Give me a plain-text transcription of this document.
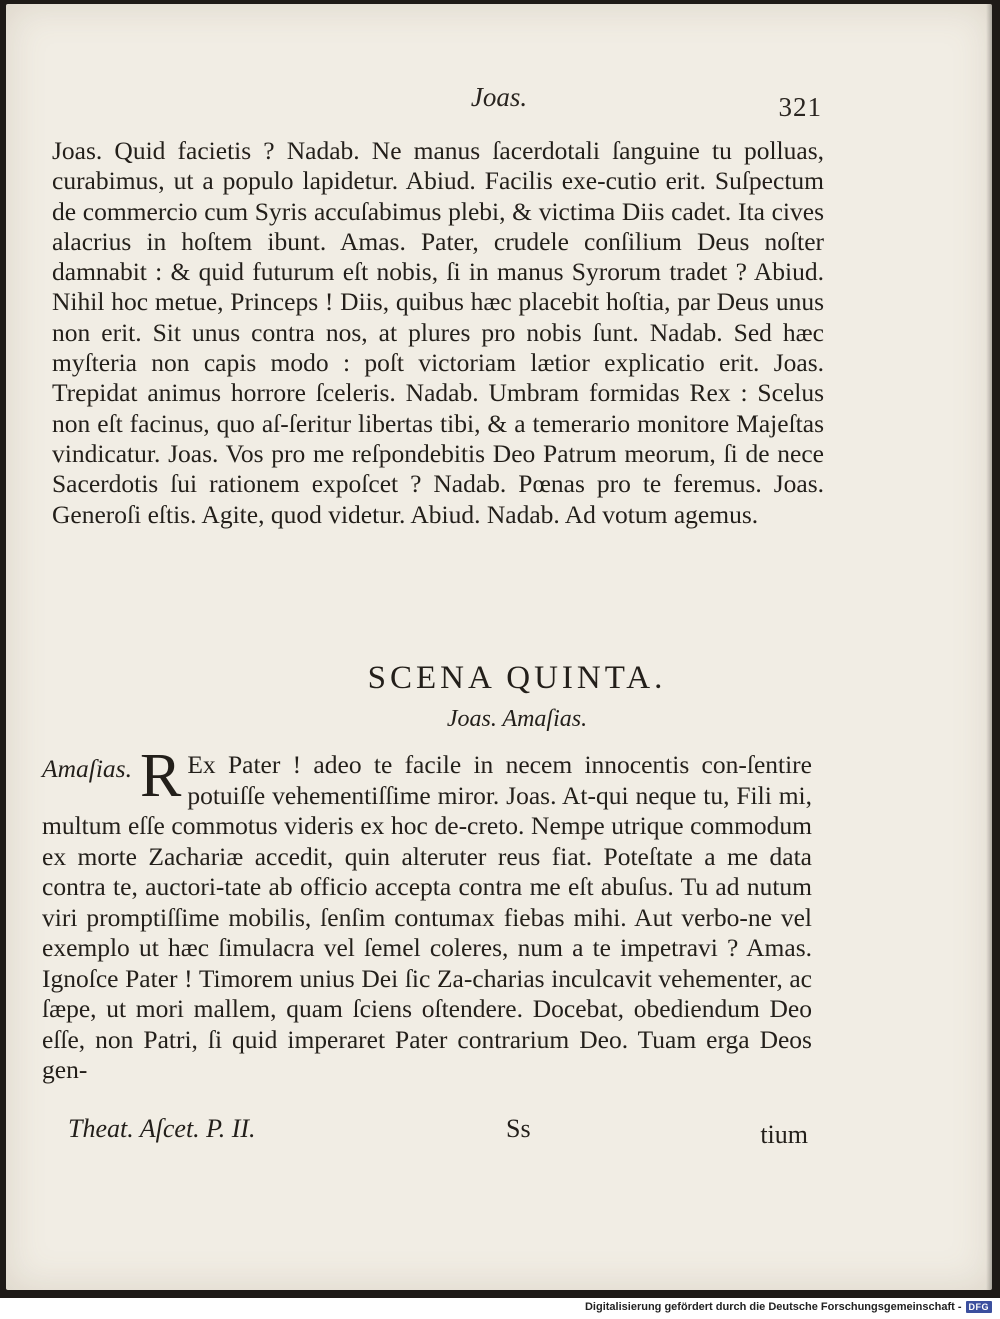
Joas.	321

Joas. Quid facietis ? Nadab. Ne manus ſacerdotali ſanguine tu polluas, curabimus, ut a populo lapidetur. Abiud. Facilis exe-cutio erit. Suſpectum de commercio cum Syris accuſabimus plebi, & victima Diis cadet. Ita cives alacrius in hoſtem ibunt. Amas. Pater, crudele conſilium Deus noſter damnabit : & quid futurum eſt nobis, ſi in manus Syrorum tradet ? Abiud. Nihil hoc metue, Princeps ! Diis, quibus hæc placebit hoſtia, par Deus unus non erit. Sit unus contra nos, at plures pro nobis ſunt. Nadab. Sed hæc myſteria non capis modo : poſt victoriam lætior explicatio erit. Joas. Trepidat animus horrore ſceleris. Nadab. Umbram formidas Rex : Scelus non eſt facinus, quo aſ-ſeritur libertas tibi, & a temerario monitore Majeſtas vindicatur. Joas. Vos pro me reſpondebitis Deo Patrum meorum, ſi de nece Sacerdotis ſui rationem expoſcet ? Nadab. Pœnas pro te feremus. Joas. Generoſi eſtis. Agite, quod videtur. Abiud. Nadab. Ad votum agemus.

SCENA QUINTA.
Joas. Amaſias.

Amaſias. R Ex Pater ! adeo te facile in necem innocentis con-ſentire potuiſſe vehementiſſime miror. Joas. At-qui neque tu, Fili mi, multum eſſe commotus videris ex hoc de-creto. Nempe utrique commodum ex morte Zachariæ accedit, quin alteruter reus fiat. Poteſtate a me data contra te, auctori-tate ab officio accepta contra me eſt abuſus. Tu ad nutum viri promptiſſime mobilis, ſenſim contumax fiebas mihi. Aut verbo-ne vel exemplo ut hæc ſimulacra vel ſemel coleres, num a te impetravi ? Amas. Ignoſce Pater ! Timorem unius Dei ſic Za-charias inculcavit vehementer, ac ſæpe, ut mori mallem, quam ſciens oſtendere. Docebat, obediendum Deo eſſe, non Patri, ſi quid imperaret Pater contrarium Deo. Tuam erga Deos gen-

Theat. Aſcet. P. II.	Ss	tium
Digitalisierung gefördert durch die Deutsche Forschungsgemeinschaft - DFG
